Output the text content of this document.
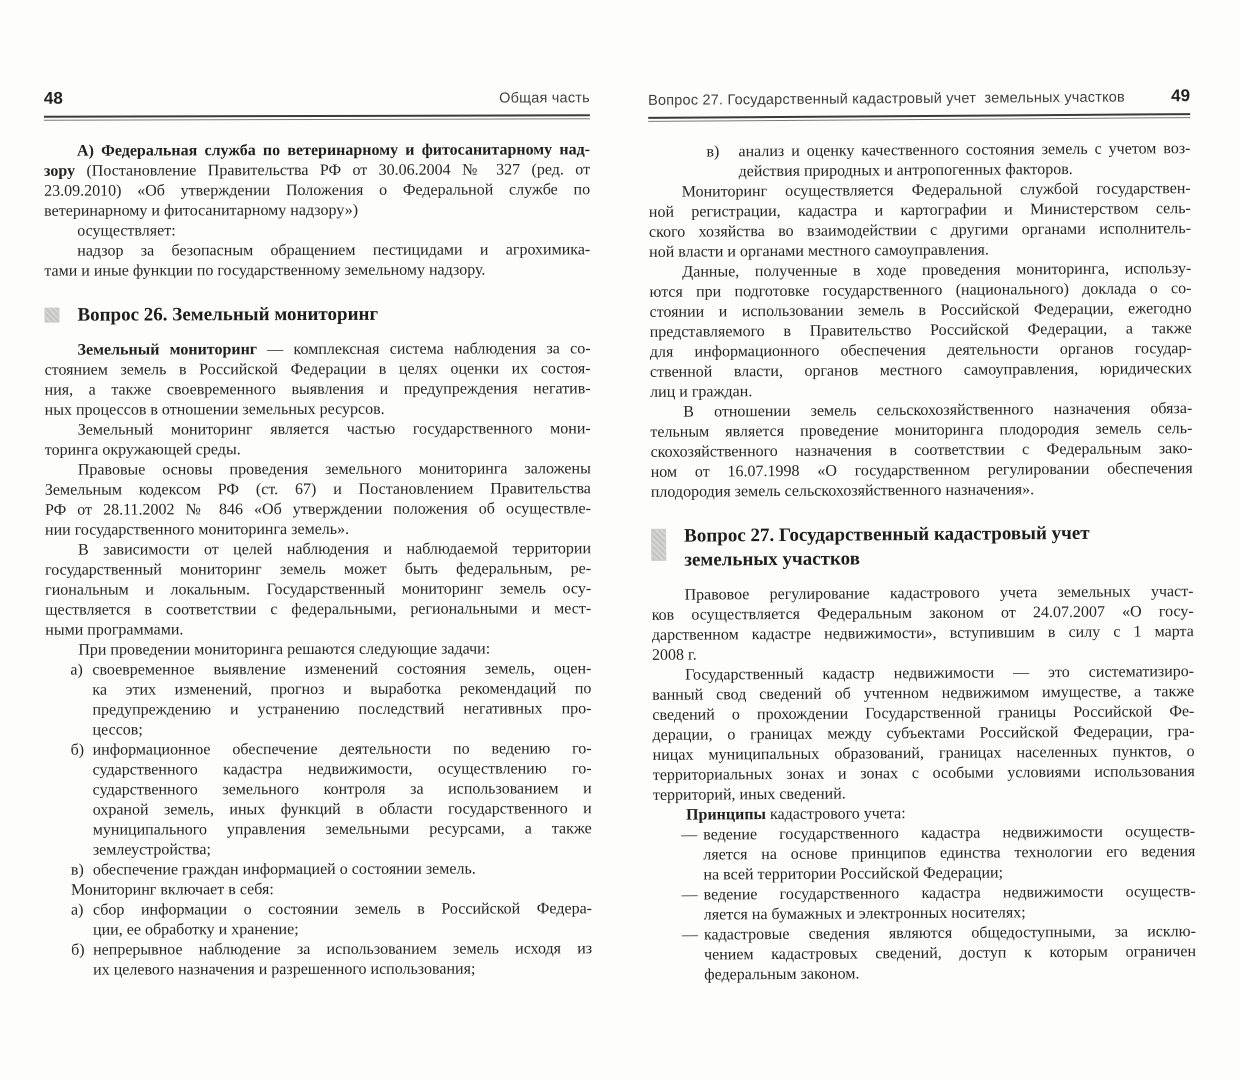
48	Общая часть
А) Федеральная служба по ветеринарному и фитосанитарному над-
зору (Постановление Правительства РФ от 30.06.2004 № 327 (ред. от
23.09.2010) «Об утверждении Положения о Федеральной службе по
ветеринарному и фитосанитарному надзору»)
осуществляет:
надзор за безопасным обращением пестицидами и агрохимика-
тами и иные функции по государственному земельному надзору.
Вопрос 26. Земельный мониторинг
Земельный мониторинг — комплексная система наблюдения за со-
стоянием земель в Российской Федерации в целях оценки их состоя-
ния, а также своевременного выявления и предупреждения негатив-
ных процессов в отношении земельных ресурсов.
Земельный мониторинг является частью государственного мони-
торинга окружающей среды.
Правовые основы проведения земельного мониторинга заложены
Земельным кодексом РФ (ст. 67) и Постановлением Правительства
РФ от 28.11.2002 № 846 «Об утверждении положения об осуществле-
нии государственного мониторинга земель».
В зависимости от целей наблюдения и наблюдаемой территории
государственный мониторинг земель может быть федеральным, ре-
гиональным и локальным. Государственный мониторинг земель осу-
ществляется в соответствии с федеральными, региональными и мест-
ными программами.
При проведении мониторинга решаются следующие задачи:
а) своевременное выявление изменений состояния земель, оцен-
ка этих изменений, прогноз и выработка рекомендаций по
предупреждению и устранению последствий негативных про-
цессов;
б) информационное обеспечение деятельности по ведению го-
сударственного кадастра недвижимости, осуществлению го-
сударственного земельного контроля за использованием и
охраной земель, иных функций в области государственного и
муниципального управления земельными ресурсами, а также
землеустройства;
в) обеспечение граждан информацией о состоянии земель.
Мониторинг включает в себя:
а) сбор информации о состоянии земель в Российской Федера-
ции, ее обработку и хранение;
б) непрерывное наблюдение за использованием земель исходя из
их целевого назначения и разрешенного использования;
Вопрос 27. Государственный кадастровый учет  земельных участков	49
в) анализ и оценку качественного состояния земель с учетом воз-
действия природных и антропогенных факторов.
Мониторинг осуществляется Федеральной службой государствен-
ной регистрации, кадастра и картографии и Министерством сель-
ского хозяйства во взаимодействии с другими органами исполнитель-
ной власти и органами местного самоуправления.
Данные, полученные в ходе проведения мониторинга, использу-
ются при подготовке государственного (национального) доклада о со-
стоянии и использовании земель в Российской Федерации, ежегодно
представляемого в Правительство Российской Федерации, а также
для информационного обеспечения деятельности органов государ-
ственной власти, органов местного самоуправления, юридических
лиц и граждан.
В отношении земель сельскохозяйственного назначения обяза-
тельным является проведение мониторинга плодородия земель сель-
скохозяйственного назначения в соответствии с Федеральным зако-
ном от 16.07.1998 «О государственном регулировании обеспечения
плодородия земель сельскохозяйственного назначения».
Вопрос 27. Государственный кадастровый учет
земельных участков
Правовое регулирование кадастрового учета земельных участ-
ков осуществляется Федеральным законом от 24.07.2007 «О госу-
дарственном кадастре недвижимости», вступившим в силу с 1 марта
2008 г.
Государственный кадастр недвижимости — это систематизиро-
ванный свод сведений об учтенном недвижимом имуществе, а также
сведений о прохождении Государственной границы Российской Фе-
дерации, о границах между субъектами Российской Федерации, гра-
ницах муниципальных образований, границах населенных пунктов, о
территориальных зонах и зонах с особыми условиями использования
территорий, иных сведений.
Принципы кадастрового учета:
— ведение государственного кадастра недвижимости осуществ-
ляется на основе принципов единства технологии его ведения
на всей территории Российской Федерации;
— ведение государственного кадастра недвижимости осуществ-
ляется на бумажных и электронных носителях;
— кадастровые сведения являются общедоступными, за исклю-
чением кадастровых сведений, доступ к которым ограничен
федеральным законом.
